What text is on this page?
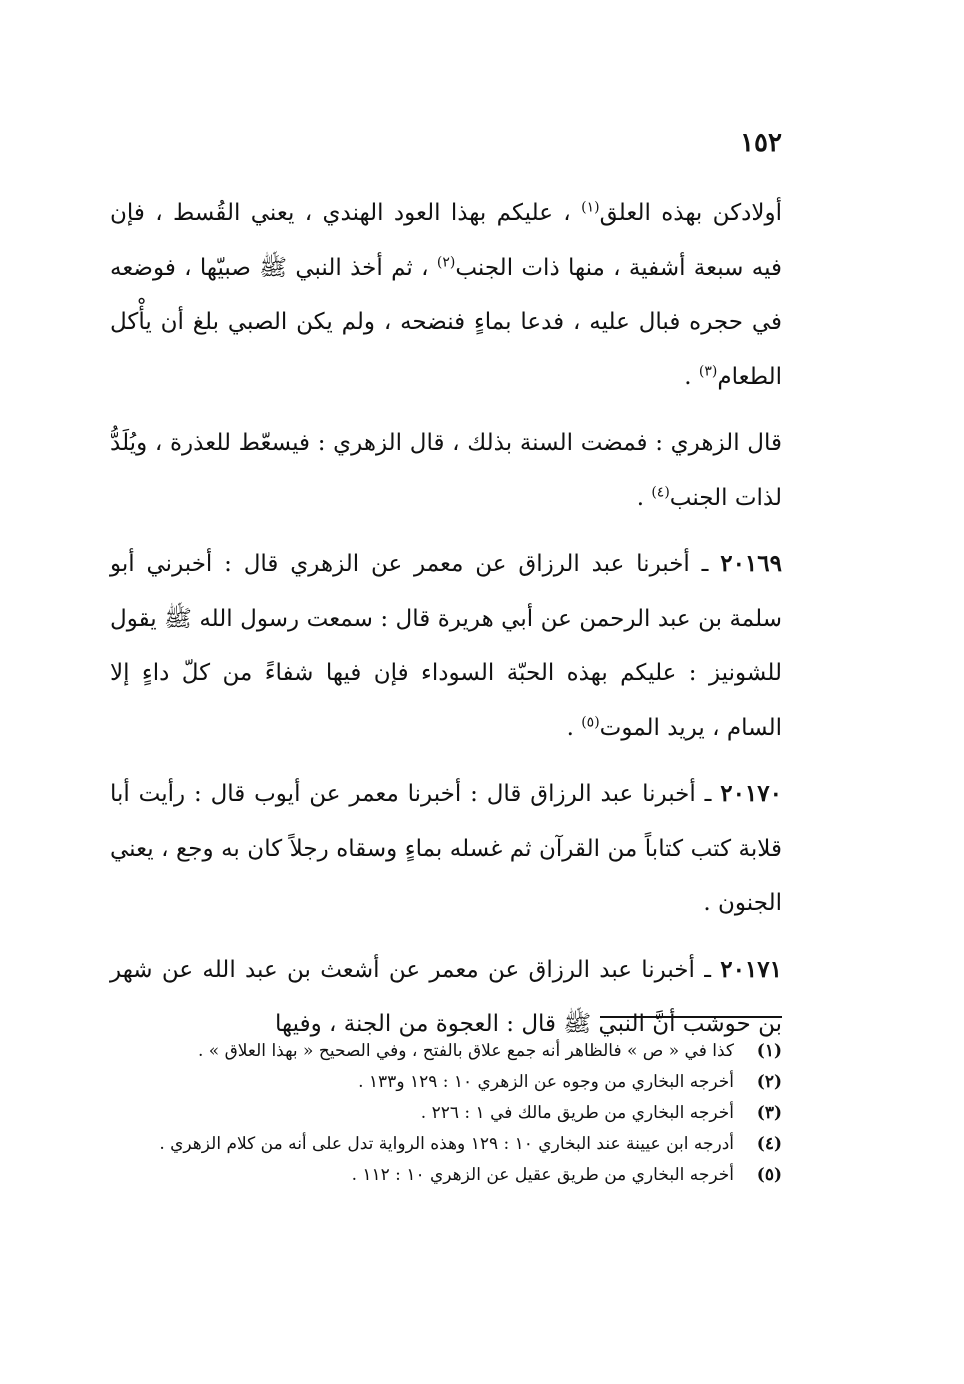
١٥٢

أولادكن بهذه العلق$^{(١)}$ ، عليكم بهذا العود الهندي ، يعني القُسط ، فإن فيه سبعة أشفية ، منها ذات الجنب$^{(٢)}$ ، ثم أخذ النبي ﷺ صبيّها ، فوضعه في حجره فبال عليه ، فدعا بماءٍ فنضحه ، ولم يكن الصبي بلغ أن يأْكل الطعام$^{(٣)}$ .

قال الزهري : فمضت السنة بذلك ، قال الزهري : فيسعّط للعذرة ، ويُلَدُّ لذات الجنب$^{(٤)}$ .

٢٠١٦٩ ـ أخبرنا عبد الرزاق عن معمر عن الزهري قال : أخبرني أبو سلمة بن عبد الرحمن عن أبي هريرة قال : سمعت رسول الله ﷺ يقول للشونيز : عليكم بهذه الحبّة السوداء فإن فيها شفاءً من كلّ داءٍ إلا السام ، يريد الموت$^{(٥)}$ .

٢٠١٧٠ ـ أخبرنا عبد الرزاق قال : أخبرنا معمر عن أيوب قال : رأيت أبا قلابة كتب كتاباً من القرآن ثم غسله بماءٍ وسقاه رجلاً كان به وجع ، يعني الجنون .

٢٠١٧١ ـ أخبرنا عبد الرزاق عن معمر عن أشعث بن عبد الله عن شهر بن حوشب أنَّ النبي ﷺ قال : العجوة من الجنة ، وفيها

(١)
كذا في « ص » فالظاهر أنه جمع علاق بالفتح ، وفي الصحيح « بهذا العلاق » .

(٢)
أخرجه البخاري من وجوه عن الزهري ١٠ : ١٢٩ و١٣٣ .

(٣)
أخرجه البخاري من طريق مالك في ١ : ٢٢٦ .

(٤)
أدرجه ابن عيينة عند البخاري ١٠ : ١٢٩ وهذه الرواية تدل على أنه من كلام الزهري .

(٥)
أخرجه البخاري من طريق عقيل عن الزهري ١٠ : ١١٢ .
